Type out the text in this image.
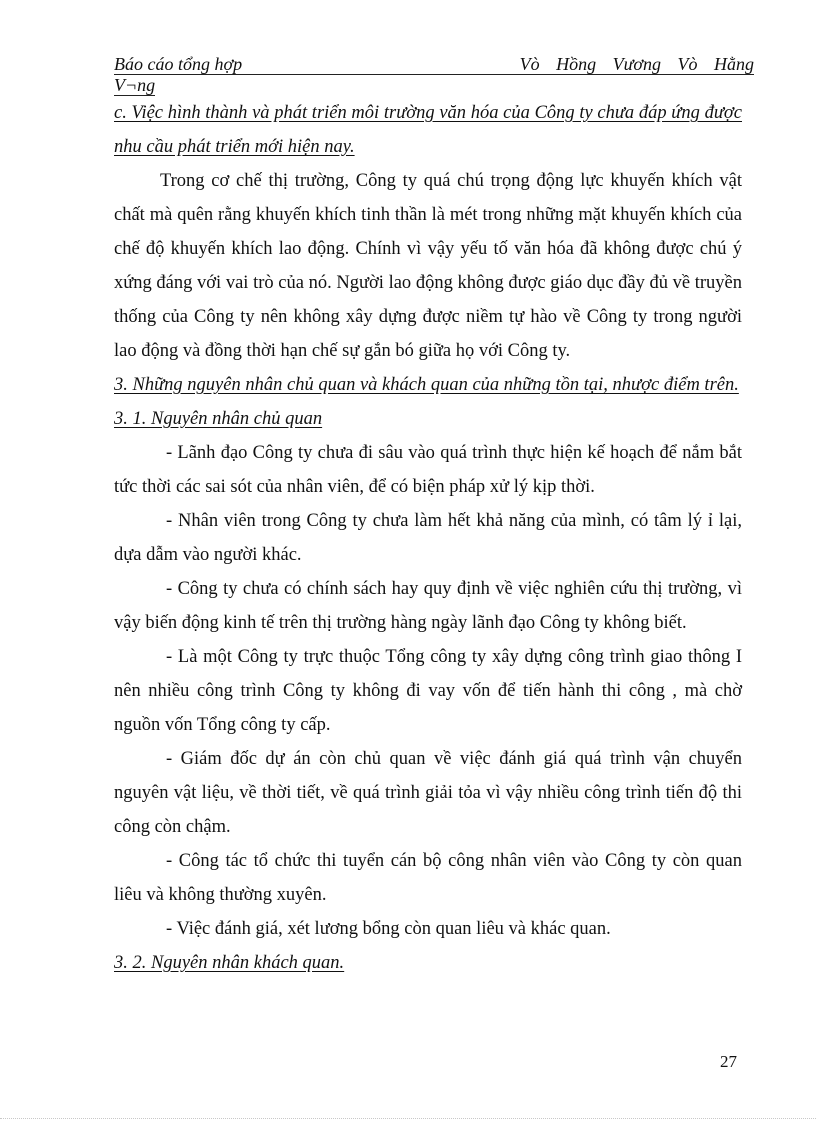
Báo cáo tổng hợp	Vò Hồng Vương Vò Hằng
V¬ng

c. Việc hình thành và phát triển môi trường văn hóa của Công ty chưa đáp ứng được nhu cầu phát triển mới hiện nay.

Trong cơ chế thị trường, Công ty quá chú trọng động lực khuyến khích vật chất mà quên rằng khuyến khích tinh thần là mét trong những mặt khuyến khích của chế độ khuyến khích lao động. Chính vì vậy yếu tố văn hóa đã không được chú ý xứng đáng với vai trò của nó. Người lao động không được giáo dục đầy đủ về truyền thống của Công ty nên không xây dựng được niềm tự hào về Công ty trong người lao động và đồng thời hạn chế sự gắn bó giữa họ với Công ty.

3. Những nguyên nhân chủ quan và khách quan của những tồn tại, nhược điểm trên.

3. 1. Nguyên nhân chủ quan

- Lãnh đạo Công ty chưa đi sâu vào quá trình thực hiện kế hoạch để nắm bắt tức thời các sai sót của nhân viên, để có biện pháp xử lý kịp thời.

- Nhân viên trong Công ty chưa làm hết khả năng của mình, có tâm lý ỉ lại, dựa dẫm vào người khác.

- Công ty chưa có chính sách hay quy định về việc nghiên cứu thị trường, vì vậy biến động kinh tế trên thị trường hàng ngày lãnh đạo Công ty không biết.

- Là một Công ty trực thuộc Tổng công ty xây dựng công trình giao thông I nên nhiều công trình Công ty không đi vay vốn để tiến hành thi công , mà chờ nguồn vốn Tổng công ty cấp.

- Giám đốc dự án còn chủ quan về việc đánh giá quá trình vận chuyển nguyên vật liệu, về thời tiết, về quá trình giải tỏa vì vậy nhiều công trình tiến độ thi công còn chậm.

- Công tác tổ chức thi tuyển cán bộ công nhân viên vào Công ty còn quan liêu và không thường xuyên.

- Việc đánh giá, xét lương bổng còn quan liêu và khác quan.

3. 2. Nguyên nhân khách quan.

27
